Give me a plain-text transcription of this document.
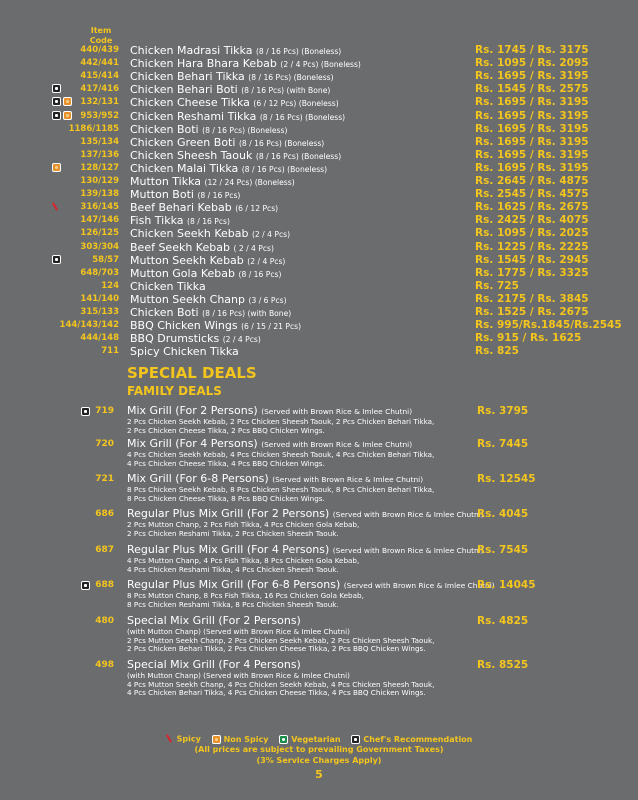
Item
Code
440/439 Chicken Madrasi Tikka (8 / 16 Pcs) (Boneless)	Rs. 1745 / Rs. 3175
442/441 Chicken Hara Bhara Kebab (2 / 4 Pcs) (Boneless)	Rs. 1095 / Rs. 2095
415/414 Chicken Behari Tikka (8 / 16 Pcs) (Boneless)	Rs. 1695 / Rs. 3195
417/416 Chicken Behari Boti (8 / 16 Pcs) (with Bone)	Rs. 1545 / Rs. 2575
132/131 Chicken Cheese Tikka (6 / 12 Pcs) (Boneless)	Rs. 1695 / Rs. 3195
953/952 Chicken Reshami Tikka (8 / 16 Pcs) (Boneless)	Rs. 1695 / Rs. 3195
1186/1185 Chicken Boti (8 / 16 Pcs) (Boneless)	Rs. 1695 / Rs. 3195
135/134 Chicken Green Boti (8 / 16 Pcs) (Boneless)	Rs. 1695 / Rs. 3195
137/136 Chicken Sheesh Taouk (8 / 16 Pcs) (Boneless)	Rs. 1695 / Rs. 3195
128/127 Chicken Malai Tikka (8 / 16 Pcs) (Boneless)	Rs. 1695 / Rs. 3195
130/129 Mutton Tikka (12 / 24 Pcs) (Boneless)	Rs. 2645 / Rs. 4875
139/138 Mutton Boti (8 / 16 Pcs)	Rs. 2545 / Rs. 4575
316/145 Beef Behari Kebab (6 / 12 Pcs)	Rs. 1625 / Rs. 2675
147/146 Fish Tikka (8 / 16 Pcs)	Rs. 2425 / Rs. 4075
126/125 Chicken Seekh Kebab (2 / 4 Pcs)	Rs. 1095 / Rs. 2025
303/304 Beef Seekh Kebab ( 2 / 4 Pcs)	Rs. 1225 / Rs. 2225
58/57 Mutton Seekh Kebab (2 / 4 Pcs)	Rs. 1545 / Rs. 2945
648/703 Mutton Gola Kebab (8 / 16 Pcs)	Rs. 1775 / Rs. 3325
124 Chicken Tikka	Rs. 725
141/140 Mutton Seekh Chanp (3 / 6 Pcs)	Rs. 2175 / Rs. 3845
315/133 Chicken Boti (8 / 16 Pcs) (with Bone)	Rs. 1525 / Rs. 2675
144/143/142 BBQ Chicken Wings (6 / 15 / 21 Pcs)	Rs. 995/Rs.1845/Rs.2545
444/148 BBQ Drumsticks (2 / 4 Pcs)	Rs. 915 / Rs. 1625
711 Spicy Chicken Tikka	Rs. 825
SPECIAL DEALS
FAMILY DEALS
719 Mix Grill (For 2 Persons) (Served with Brown Rice & Imlee Chutni)	Rs. 3795
2 Pcs Chicken Seekh Kebab, 2 Pcs Chicken Sheesh Taouk, 2 Pcs Chicken Behari Tikka,
2 Pcs Chicken Cheese Tikka, 2 Pcs BBQ Chicken Wings.
720 Mix Grill (For 4 Persons) (Served with Brown Rice & Imlee Chutni)	Rs. 7445
4 Pcs Chicken Seekh Kebab, 4 Pcs Chicken Sheesh Taouk, 4 Pcs Chicken Behari Tikka,
4 Pcs Chicken Cheese Tikka, 4 Pcs BBQ Chicken Wings.
721 Mix Grill (For 6-8 Persons) (Served with Brown Rice & Imlee Chutni)	Rs. 12545
8 Pcs Chicken Seekh Kebab, 8 Pcs Chicken Sheesh Taouk, 8 Pcs Chicken Behari Tikka,
8 Pcs Chicken Cheese Tikka, 8 Pcs BBQ Chicken Wings.
686 Regular Plus Mix Grill (For 2 Persons) (Served with Brown Rice & Imlee Chutni)
Rs. 4045
2 Pcs Mutton Chanp, 2 Pcs Fish Tikka, 4 Pcs Chicken Gola Kebab,
2 Pcs Chicken Reshami Tikka, 2 Pcs Chicken Sheesh Taouk.
687 Regular Plus Mix Grill (For 4 Persons) (Served with Brown Rice & Imlee Chutni)
Rs. 7545
4 Pcs Mutton Chanp, 4 Pcs Fish Tikka, 8 Pcs Chicken Gola Kebab,
4 Pcs Chicken Reshami Tikka, 4 Pcs Chicken Sheesh Taouk.
688 Regular Plus Mix Grill (For 6-8 Persons) (Served with Brown Rice & Imlee Chutni)
Rs. 14045
8 Pcs Mutton Chanp, 8 Pcs Fish Tikka, 16 Pcs Chicken Gola Kebab,
8 Pcs Chicken Reshami Tikka, 8 Pcs Chicken Sheesh Taouk.
480 Special Mix Grill (For 2 Persons)	Rs. 4825
(with Mutton Chanp) (Served with Brown Rice & Imlee Chutni)
2 Pcs Mutton Seekh Chanp, 2 Pcs Chicken Seekh Kebab, 2 Pcs Chicken Sheesh Taouk,
2 Pcs Chicken Behari Tikka, 2 Pcs Chicken Cheese Tikka, 2 Pcs BBQ Chicken Wings.
498 Special Mix Grill (For 4 Persons)	Rs. 8525
(with Mutton Chanp) (Served with Brown Rice & Imlee Chutni)
4 Pcs Mutton Seekh Chanp, 4 Pcs Chicken Seekh Kebab, 4 Pcs Chicken Sheesh Taouk,
4 Pcs Chicken Behari Tikka, 4 Pcs Chicken Cheese Tikka, 4 Pcs BBQ Chicken Wings.
Spicy	Non Spicy	Vegetarian	Chef's Recommendation
(All prices are subject to prevailing Government Taxes)
(3% Service Charges Apply)
5
